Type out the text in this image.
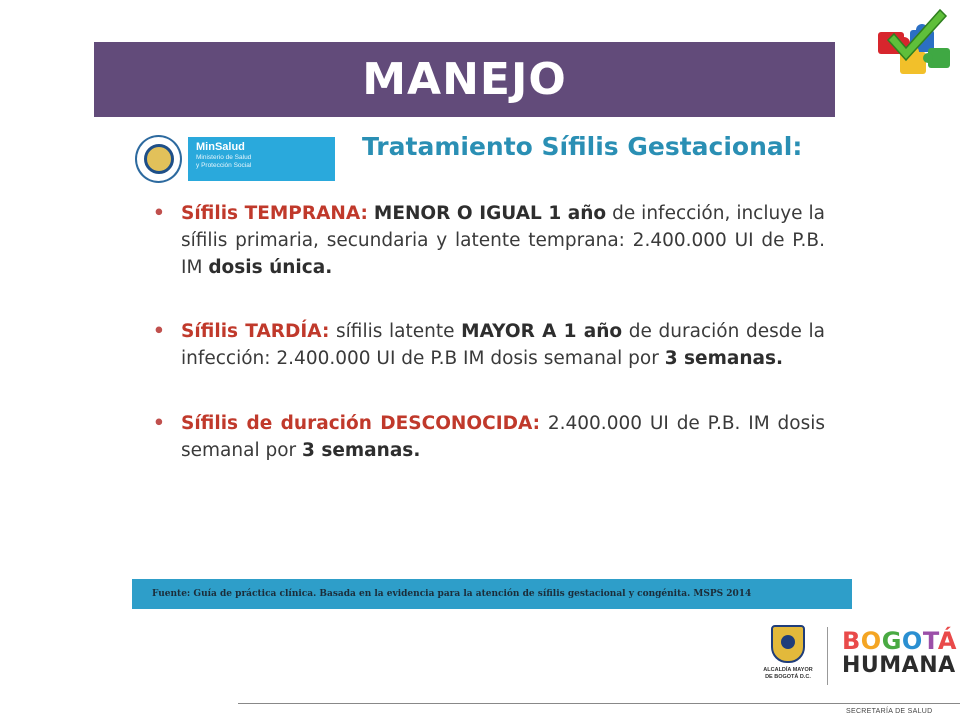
MANEJO
MinSalud
Ministerio de Salud
y Protección Social
Tratamiento Sífilis Gestacional:
• Sífilis TEMPRANA: MENOR O IGUAL 1 año de infección, incluye la sífilis primaria, secundaria y latente temprana: 2.400.000 UI de P.B. IM dosis única.
• Sífilis TARDÍA: sífilis latente MAYOR A 1 año de duración desde la infección: 2.400.000 UI de P.B IM dosis semanal por 3 semanas.
• Sífilis de duración DESCONOCIDA: 2.400.000 UI de P.B. IM dosis semanal por 3 semanas.
Fuente: Guía de práctica clínica. Basada en la evidencia para la atención de sífilis gestacional y congénita. MSPS 2014
ALCALDÍA MAYOR
DE BOGOTÁ D.C.
BOGOTÁ
HUMANA
SECRETARÍA DE SALUD
